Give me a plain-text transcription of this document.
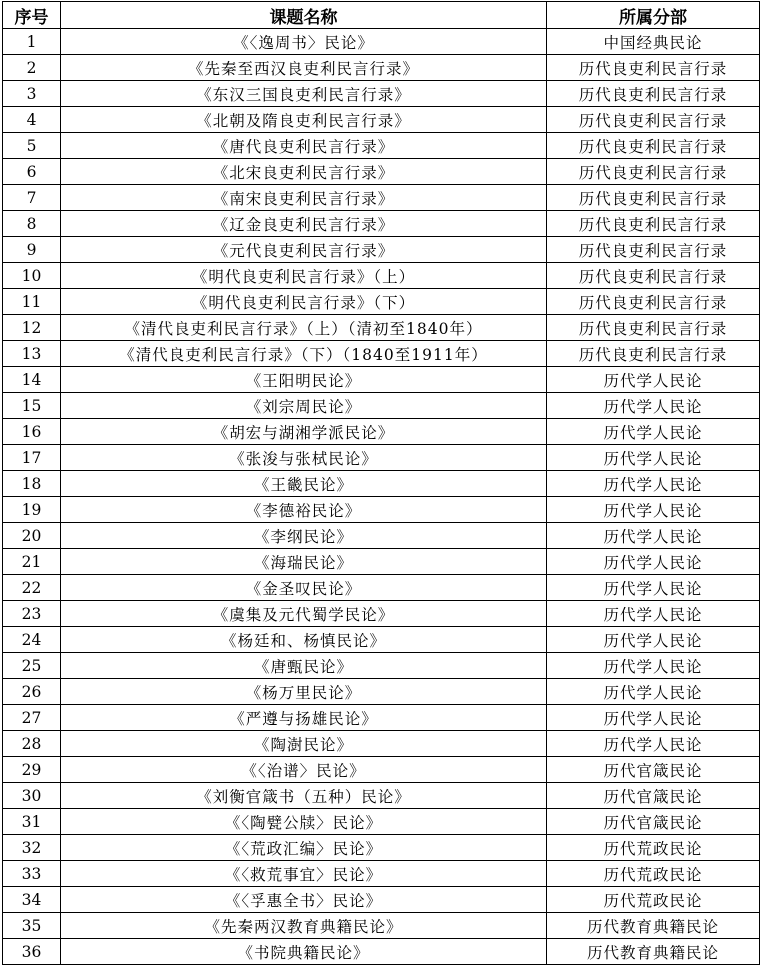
序号	课题名称	所属分部
1	《〈逸周书〉民论》	中国经典民论
2	《先秦至西汉良吏利民言行录》	历代良吏利民言行录
3	《东汉三国良吏利民言行录》	历代良吏利民言行录
4	《北朝及隋良吏利民言行录》	历代良吏利民言行录
5	《唐代良吏利民言行录》	历代良吏利民言行录
6	《北宋良吏利民言行录》	历代良吏利民言行录
7	《南宋良吏利民言行录》	历代良吏利民言行录
8	《辽金良吏利民言行录》	历代良吏利民言行录
9	《元代良吏利民言行录》	历代良吏利民言行录
10	《明代良吏利民言行录》（上）	历代良吏利民言行录
11	《明代良吏利民言行录》（下）	历代良吏利民言行录
12	《清代良吏利民言行录》（上）（清初至1840年）	历代良吏利民言行录
13	《清代良吏利民言行录》（下）（1840至1911年）	历代良吏利民言行录
14	《王阳明民论》	历代学人民论
15	《刘宗周民论》	历代学人民论
16	《胡宏与湖湘学派民论》	历代学人民论
17	《张浚与张栻民论》	历代学人民论
18	《王畿民论》	历代学人民论
19	《李德裕民论》	历代学人民论
20	《李纲民论》	历代学人民论
21	《海瑞民论》	历代学人民论
22	《金圣叹民论》	历代学人民论
23	《虞集及元代蜀学民论》	历代学人民论
24	《杨廷和、杨慎民论》	历代学人民论
25	《唐甄民论》	历代学人民论
26	《杨万里民论》	历代学人民论
27	《严遵与扬雄民论》	历代学人民论
28	《陶澍民论》	历代学人民论
29	《〈治谱〉民论》	历代官箴民论
30	《刘衡官箴书（五种）民论》	历代官箴民论
31	《〈陶甓公牍〉民论》	历代官箴民论
32	《〈荒政汇编〉民论》	历代荒政民论
33	《〈救荒事宜〉民论》	历代荒政民论
34	《〈孚惠全书〉民论》	历代荒政民论
35	《先秦两汉教育典籍民论》	历代教育典籍民论
36	《书院典籍民论》	历代教育典籍民论
